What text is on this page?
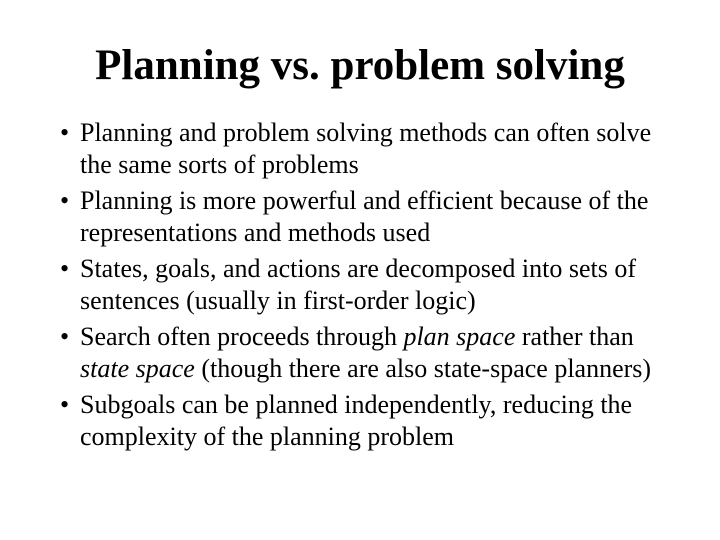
Planning vs. problem solving
• Planning and problem solving methods can often solve the same sorts of problems
• Planning is more powerful and efficient because of the representations and methods used
• States, goals, and actions are decomposed into sets of sentences (usually in first-order logic)
• Search often proceeds through plan space rather than state space (though there are also state-space planners)
• Subgoals can be planned independently, reducing the complexity of the planning problem
